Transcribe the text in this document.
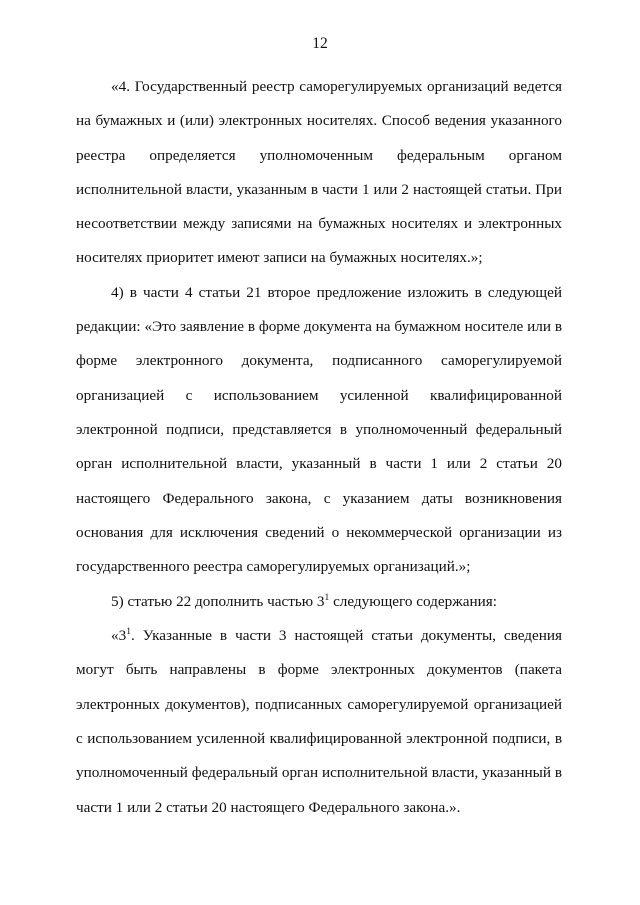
12
«4. Государственный реестр саморегулируемых организаций ведется
на бумажных и (или) электронных носителях. Способ ведения указанного
реестра определяется уполномоченным федеральным органом
исполнительной власти, указанным в части 1 или 2 настоящей статьи. При
несоответствии между записями на бумажных носителях и электронных
носителях приоритет имеют записи на бумажных носителях.»;
4) в части 4 статьи 21 второе предложение изложить в следующей
редакции: «Это заявление в форме документа на бумажном носителе или в
форме электронного документа, подписанного саморегулируемой
организацией с использованием усиленной квалифицированной
электронной подписи, представляется в уполномоченный федеральный
орган исполнительной власти, указанный в части 1 или 2 статьи 20
настоящего Федерального закона, с указанием даты возникновения
основания для исключения сведений о некоммерческой организации из
государственного реестра саморегулируемых организаций.»;
5) статью 22 дополнить частью $3^1$ следующего содержания:
«$3^1$. Указанные в части 3 настоящей статьи документы, сведения
могут быть направлены в форме электронных документов (пакета
электронных документов), подписанных саморегулируемой организацией
с использованием усиленной квалифицированной электронной подписи, в
уполномоченный федеральный орган исполнительной власти, указанный в
части 1 или 2 статьи 20 настоящего Федерального закона.».
